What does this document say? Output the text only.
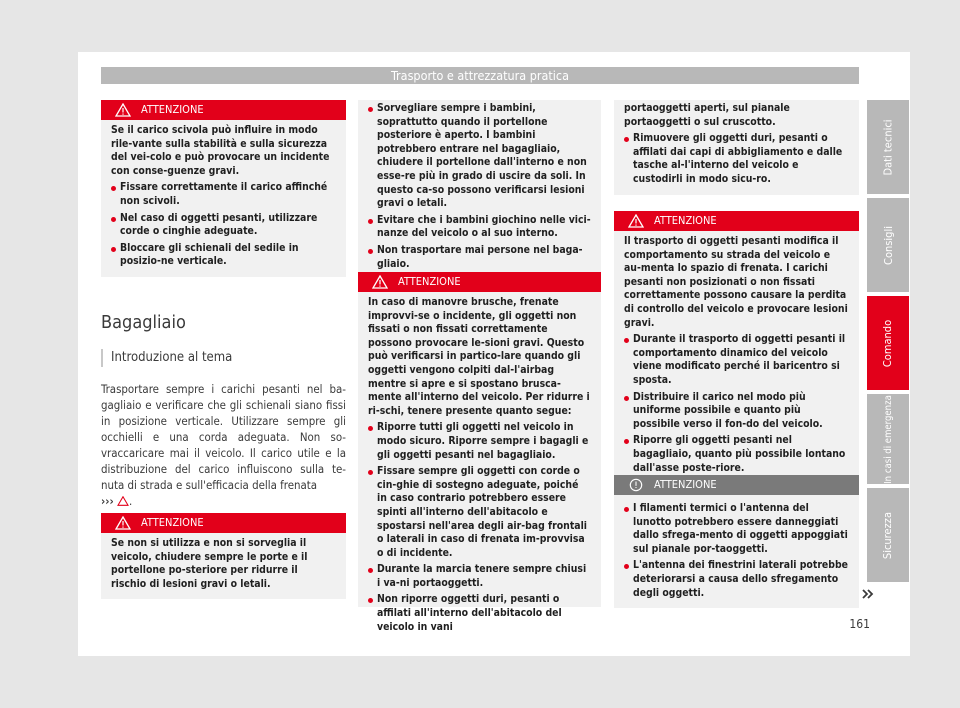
Trasporto e attrezzatura pratica
ATTENZIONE

Se il carico scivola può influire in modo rile-vante sulla stabilità e sulla sicurezza del vei-colo e può provocare un incidente con conse-guenze gravi.

Fissare correttamente il carico affinché non scivoli.

Nel caso di oggetti pesanti, utilizzare corde o cinghie adeguate.

Bloccare gli schienali del sedile in posizio-ne verticale.

Bagagliaio
Introduzione al tema
Trasportare sempre i carichi pesanti nel ba-gagliaio e verificare che gli schienali siano fissi in posizione verticale. Utilizzare sempre gli occhielli e una corda adeguata. Non so-vraccaricare mai il veicolo. Il carico utile e la distribuzione del carico influiscono sulla te-nuta di strada e sull'efficacia della frenata
››› .
ATTENZIONE

Se non si utilizza e non si sorveglia il veicolo, chiudere sempre le porte e il portellone po-steriore per ridurre il rischio di lesioni gravi o letali.

Sorvegliare sempre i bambini, soprattutto quando il portellone posteriore è aperto. I bambini potrebbero entrare nel bagagliaio, chiudere il portellone dall'interno e non esse-re più in grado di uscire da soli. In questo ca-so possono verificarsi lesioni gravi o letali.

Evitare che i bambini giochino nelle vici-nanze del veicolo o al suo interno.

Non trasportare mai persone nel baga-gliaio.

ATTENZIONE

In caso di manovre brusche, frenate improvvi-se o incidente, gli oggetti non fissati o non fissati correttamente possono provocare le-sioni gravi. Questo può verificarsi in partico-lare quando gli oggetti vengono colpiti dal-l'airbag mentre si apre e si spostano brusca-mente all'interno del veicolo. Per ridurre i ri-schi, tenere presente quanto segue:

Riporre tutti gli oggetti nel veicolo in modo sicuro. Riporre sempre i bagagli e gli oggetti pesanti nel bagagliaio.

Fissare sempre gli oggetti con corde o cin-ghie di sostegno adeguate, poiché in caso contrario potrebbero essere spinti all'interno dell'abitacolo e spostarsi nell'area degli air-bag frontali o laterali in caso di frenata im-provvisa o di incidente.

Durante la marcia tenere sempre chiusi i va-ni portaoggetti.

Non riporre oggetti duri, pesanti o affilati all'interno dell'abitacolo del veicolo in vani

portaoggetti aperti, sul pianale portaoggetti o sul cruscotto.

Rimuovere gli oggetti duri, pesanti o affilati dai capi di abbigliamento e dalle tasche al-l'interno del veicolo e custodirli in modo sicu-ro.

ATTENZIONE

Il trasporto di oggetti pesanti modifica il comportamento su strada del veicolo e au-menta lo spazio di frenata. I carichi pesanti non posizionati o non fissati correttamente possono causare la perdita di controllo del veicolo e provocare lesioni gravi.

Durante il trasporto di oggetti pesanti il comportamento dinamico del veicolo viene modificato perché il baricentro si sposta.

Distribuire il carico nel modo più uniforme possibile e quanto più possibile verso il fon-do del veicolo.

Riporre gli oggetti pesanti nel bagagliaio, quanto più possibile lontano dall'asse poste-riore.

ATTENZIONE

I filamenti termici o l'antenna del lunotto potrebbero essere danneggiati dallo sfrega-mento di oggetti appoggiati sul pianale por-taoggetti.

L'antenna dei finestrini laterali potrebbe deteriorarsi a causa dello sfregamento degli oggetti.

Dati tecnici
Consigli
Comando
In casi di emergenza
Sicurezza
161
